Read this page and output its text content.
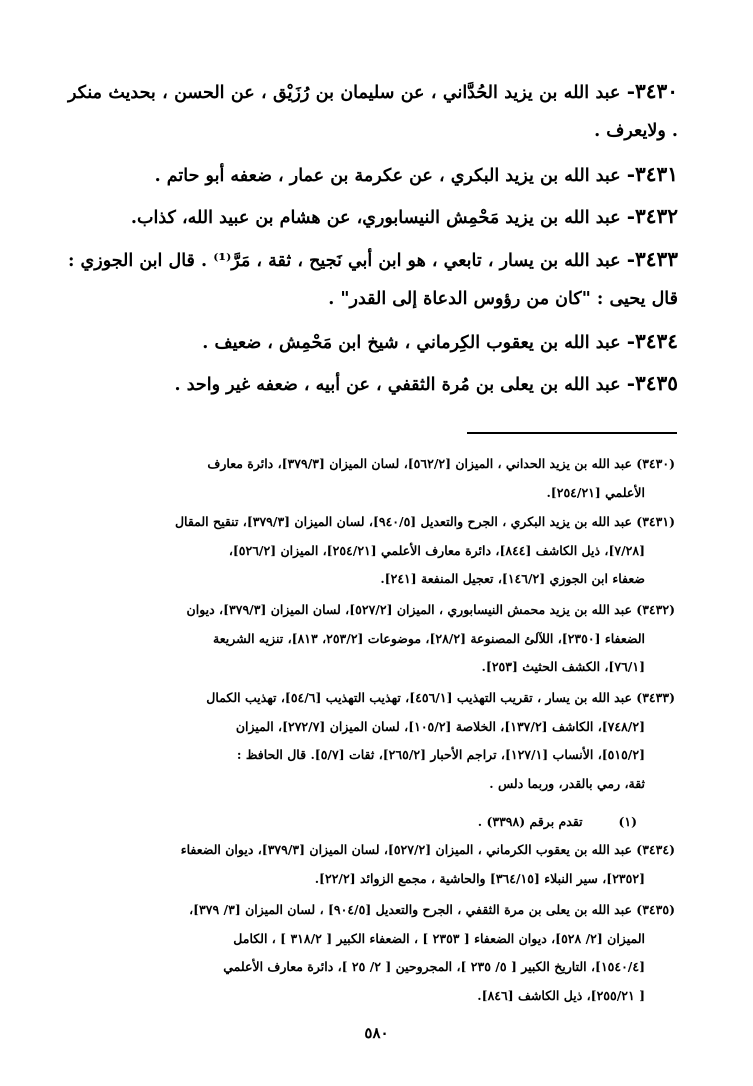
٣٤٣٠- عبد الله بن يزيد الحُدَّاني ، عن سليمان بن رُزَيْق ، عن الحسن ، بحديث منكر . ولايعرف .
٣٤٣١- عبد الله بن يزيد البكري ، عن عكرمة بن عمار ، ضعفه أبو حاتم .
٣٤٣٢- عبد الله بن يزيد مَحْمِش النيسابوري، عن هشام بن عبيد الله، كذاب.
٣٤٣٣- عبد الله بن يسار ، تابعي ، هو ابن أبي نَجيح ، ثقة ، مَرَّ⁽¹⁾ . قال ابن الجوزي : قال يحيى : "كان من رؤوس الدعاة إلى القدر" .
٣٤٣٤- عبد الله بن يعقوب الكِرماني ، شيخ ابن مَحْمِش ، ضعيف .
٣٤٣٥- عبد الله بن يعلى بن مُرة الثقفي ، عن أبيه ، ضعفه غير واحد .
(٣٤٣٠) عبد الله بن يزيد الحداني ، الميزان [٥٦٢/٢]، لسان الميزان [٣٧٩/٣]، دائرة معارف
الأعلمي [٢٥٤/٢١].
(٣٤٣١) عبد الله بن يزيد البكري ، الجرح والتعديل [٩٤٠/٥]، لسان الميزان [٣٧٩/٣]، تنقيح المقال
[٧/٢٨]، ذيل الكاشف [٨٤٤]، دائرة معارف الأعلمي [٢٥٤/٢١]، الميزان [٥٢٦/٢]،
ضعفاء ابن الجوزي [١٤٦/٢]، تعجيل المنفعة [٢٤١].
(٣٤٣٢) عبد الله بن يزيد محمش النيسابوري ، الميزان [٥٢٧/٢]، لسان الميزان [٣٧٩/٣]، ديوان
الضعفاء [٢٣٥٠]، اللآلئ المصنوعة [٢٨/٢]، موضوعات [٢٥٣/٢، ٨١٣]، تنزيه الشريعة
[٧٦/١]، الكشف الحثيث [٢٥٣].
(٣٤٣٣) عبد الله بن يسار ، تقريب التهذيب [٤٥٦/١]، تهذيب التهذيب [٥٤/٦]، تهذيب الكمال
[٧٤٨/٢]، الكاشف [١٣٧/٢]، الخلاصة [١٠٥/٢]، لسان الميزان [٢٧٢/٧]، الميزان
[٥١٥/٢]، الأنساب [١٢٧/١]، تراجم الأحبار [٢٦٥/٢]، ثقات [٥/٧]. قال الحافظ :
ثقة، رمي بالقدر، وربما دلس .
(١) تقدم برقم (٣٣٩٨) .
(٣٤٣٤) عبد الله بن يعقوب الكرماني ، الميزان [٥٢٧/٢]، لسان الميزان [٣٧٩/٣]، ديوان الضعفاء
[٢٣٥٢]، سير النبلاء [٣٦٤/١٥] والحاشية ، مجمع الزوائد [٢٢/٢].
(٣٤٣٥) عبد الله بن يعلى بن مرة الثقفي ، الجرح والتعديل [٩٠٤/٥] ، لسان الميزان [٣/ ٣٧٩]،
الميزان [٢/ ٥٢٨]، ديوان الضعفاء [ ٢٣٥٣ ] ، الضعفاء الكبير [ ٣١٨/٢ ] ، الكامل
[١٥٤٠/٤]، التاريخ الكبير [ ٥/ ٢٣٥ ]، المجروحين [ ٢/ ٢٥ ]، دائرة معارف الأعلمي
[ ٢٥٥/٢١]، ذيل الكاشف [٨٤٦].
٥٨٠
